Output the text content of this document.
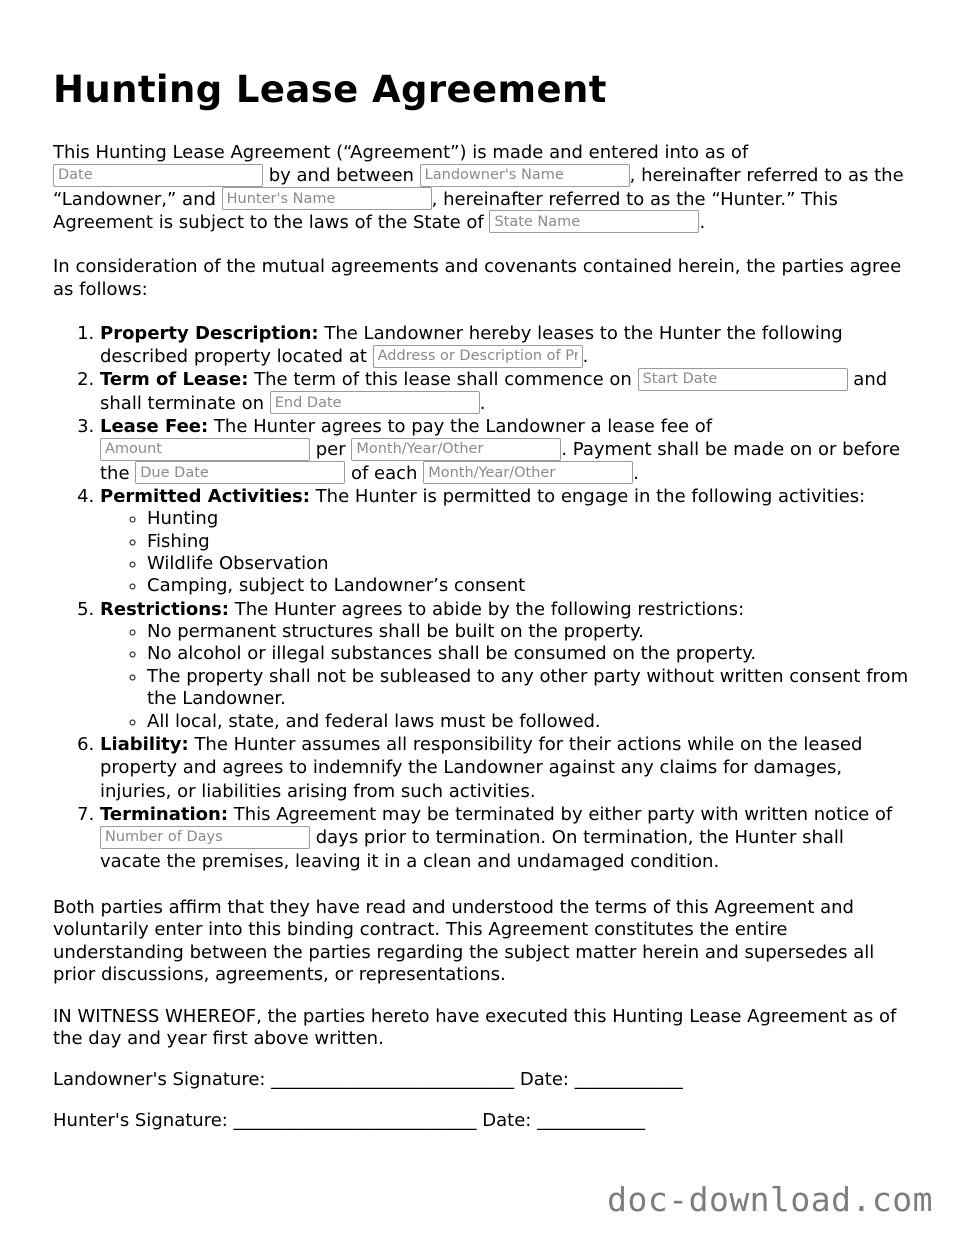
Hunting Lease Agreement

This Hunting Lease Agreement (“Agreement”) is made and entered into as of
Date by and between Landowner's Name	, hereinafter referred to as the “Landowner,” and Hunter's Name	, hereinafter referred to as the “Hunter.” This Agreement is subject to the laws of the State of State Name	.

In consideration of the mutual agreements and covenants contained herein, the parties agree as follows:

1. Property Description: The Landowner hereby leases to the Hunter the following described property located at Address or Description of Property	.
2. Term of Lease: The term of this lease shall commence on Start Date	and shall terminate on End Date	.
3. Lease Fee: The Hunter agrees to pay the Landowner a lease fee of Amount per Month/Year/Other	. Payment shall be made on or before the Due Date	of each Month/Year/Other	.
4. Permitted Activities: The Hunter is permitted to engage in the following activities:
◦ Hunting
◦ Fishing
◦ Wildlife Observation
◦ Camping, subject to Landowner’s consent
5. Restrictions: The Hunter agrees to abide by the following restrictions:
◦ No permanent structures shall be built on the property.
◦ No alcohol or illegal substances shall be consumed on the property.
◦ The property shall not be subleased to any other party without written consent from the Landowner.
◦ All local, state, and federal laws must be followed.
6. Liability: The Hunter assumes all responsibility for their actions while on the leased property and agrees to indemnify the Landowner against any claims for damages, injuries, or liabilities arising from such activities.
7. Termination: This Agreement may be terminated by either party with written notice of Number of Days days prior to termination. On termination, the Hunter shall vacate the premises, leaving it in a clean and undamaged condition.

Both parties affirm that they have read and understood the terms of this Agreement and voluntarily enter into this binding contract. This Agreement constitutes the entire understanding between the parties regarding the subject matter herein and supersedes all prior discussions, agreements, or representations.

IN WITNESS WHEREOF, the parties hereto have executed this Hunting Lease Agreement as of the day and year first above written.

Landowner's Signature: ___________________________ Date: ____________

Hunter's Signature: ___________________________ Date: ____________

doc-download.com
